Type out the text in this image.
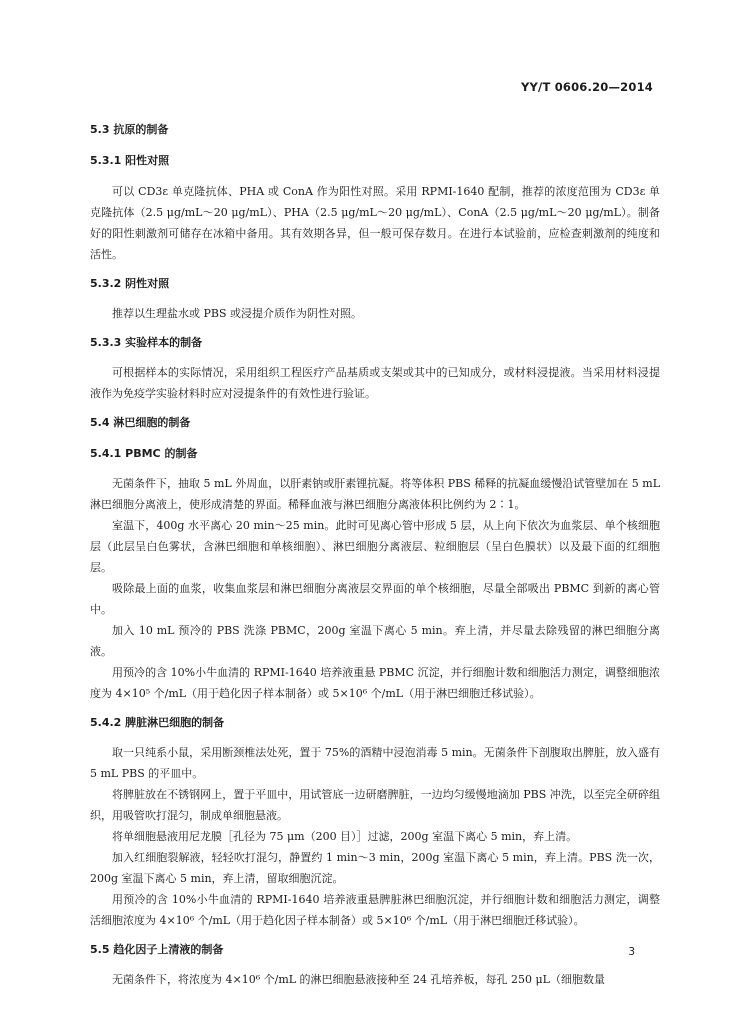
YY/T 0606.20—2014
5.3 抗原的制备
5.3.1 阳性对照
可以 CD3ε 单克隆抗体、PHA 或 ConA 作为阳性对照。采用 RPMI-1640 配制，推荐的浓度范围为 CD3ε 单克隆抗体（2.5 μg/mL～20 μg/mL）、PHA（2.5 μg/mL～20 μg/mL）、ConA（2.5 μg/mL～20 μg/mL）。制备好的阳性刺激剂可储存在冰箱中备用。其有效期各异，但一般可保存数月。在进行本试验前，应检查刺激剂的纯度和活性。
5.3.2 阴性对照
推荐以生理盐水或 PBS 或浸提介质作为阴性对照。
5.3.3 实验样本的制备
可根据样本的实际情况，采用组织工程医疗产品基质或支架或其中的已知成分，或材料浸提液。当采用材料浸提液作为免疫学实验材料时应对浸提条件的有效性进行验证。
5.4 淋巴细胞的制备
5.4.1 PBMC 的制备
无菌条件下，抽取 5 mL 外周血，以肝素钠或肝素锂抗凝。将等体积 PBS 稀释的抗凝血缓慢沿试管壁加在 5 mL 淋巴细胞分离液上，使形成清楚的界面。稀释血液与淋巴细胞分离液体积比例约为 2∶1。
室温下，400g 水平离心 20 min～25 min。此时可见离心管中形成 5 层，从上向下依次为血浆层、单个核细胞层（此层呈白色雾状，含淋巴细胞和单核细胞）、淋巴细胞分离液层、粒细胞层（呈白色膜状）以及最下面的红细胞层。
吸除最上面的血浆，收集血浆层和淋巴细胞分离液层交界面的单个核细胞，尽量全部吸出 PBMC 到新的离心管中。
加入 10 mL 预冷的 PBS 洗涤 PBMC，200g 室温下离心 5 min。弃上清，并尽量去除残留的淋巴细胞分离液。
用预冷的含 10%小牛血清的 RPMI-1640 培养液重悬 PBMC 沉淀，并行细胞计数和细胞活力测定，调整细胞浓度为 4×10⁵ 个/mL（用于趋化因子样本制备）或 5×10⁶ 个/mL（用于淋巴细胞迁移试验）。
5.4.2 脾脏淋巴细胞的制备
取一只纯系小鼠，采用断颈椎法处死，置于 75%的酒精中浸泡消毒 5 min。无菌条件下剖腹取出脾脏，放入盛有 5 mL PBS 的平皿中。
将脾脏放在不锈钢网上，置于平皿中，用试管底一边研磨脾脏，一边均匀缓慢地滴加 PBS 冲洗，以至完全研碎组织，用吸管吹打混匀，制成单细胞悬液。
将单细胞悬液用尼龙膜［孔径为 75 μm（200 目）］过滤，200g 室温下离心 5 min，弃上清。
加入红细胞裂解液，轻轻吹打混匀，静置约 1 min～3 min，200g 室温下离心 5 min，弃上清。PBS 洗一次，200g 室温下离心 5 min，弃上清，留取细胞沉淀。
用预冷的含 10%小牛血清的 RPMI-1640 培养液重悬脾脏淋巴细胞沉淀，并行细胞计数和细胞活力测定，调整活细胞浓度为 4×10⁶ 个/mL（用于趋化因子样本制备）或 5×10⁶ 个/mL（用于淋巴细胞迁移试验）。
5.5 趋化因子上清液的制备
无菌条件下，将浓度为 4×10⁶ 个/mL 的淋巴细胞悬液接种至 24 孔培养板，每孔 250 μL（细胞数量
3
